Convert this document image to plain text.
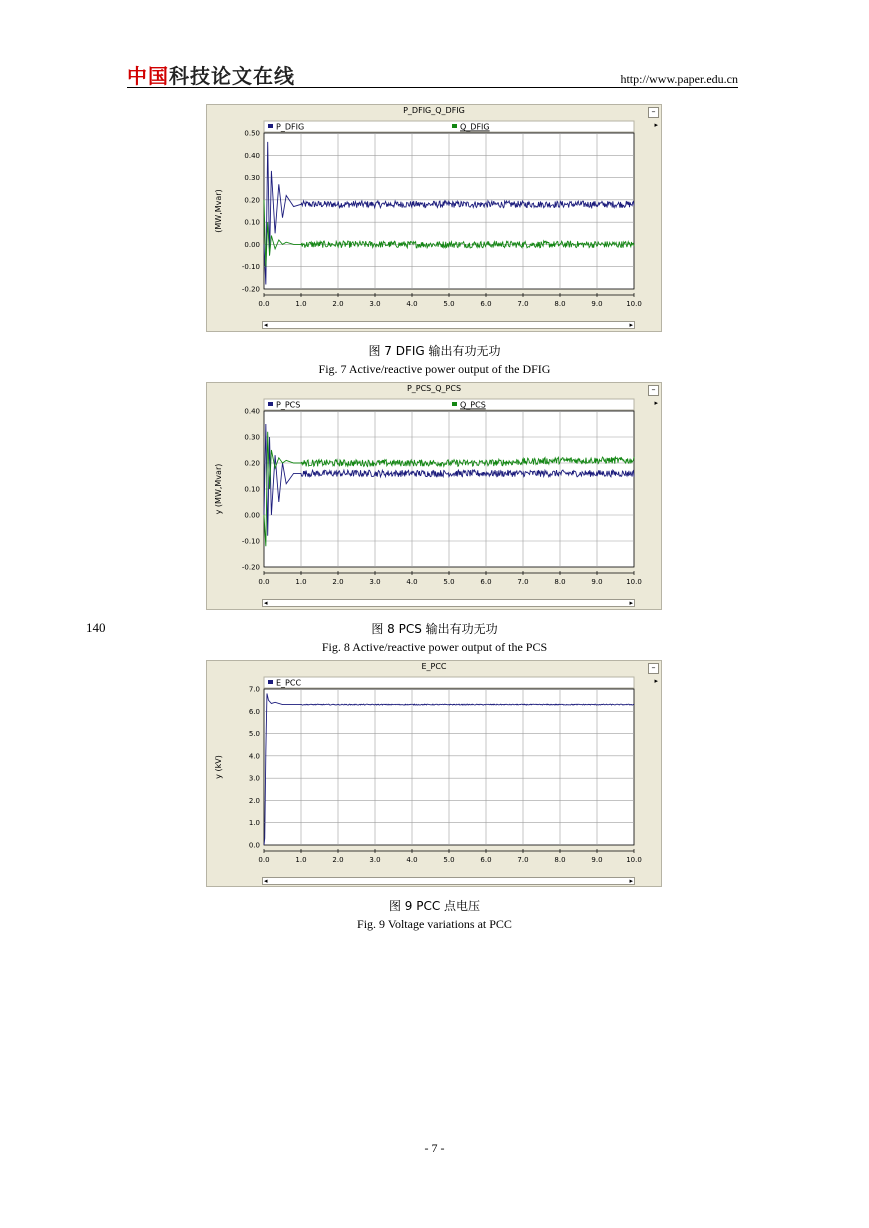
中国科技论文在线	http://www.paper.edu.cn
P_DFIG_Q_DFIG	–
▸
0.0	1.0	2.0	3.0	4.0	5.0	6.0	7.0	8.0	9.0	10.0
0.50
0.40
0.30
0.20
0.10
0.00
-0.10
-0.20
(MW,Mvar)
P_DFIG	Q_DFIG
◂	▸
图 7 DFIG 输出有功无功
Fig. 7 Active/reactive power output of the DFIG
P_PCS_Q_PCS	–
▸
0.0	1.0	2.0	3.0	4.0	5.0	6.0	7.0	8.0	9.0	10.0
0.40
0.30
0.20
0.10
0.00
-0.10
-0.20
y (MW,Mvar)
P_PCS	Q_PCS
◂	▸
140	图 8 PCS 输出有功无功
Fig. 8 Active/reactive power output of the PCS
E_PCC	–
▸
0.0	1.0	2.0	3.0	4.0	5.0	6.0	7.0	8.0	9.0	10.0
7.0
6.0
5.0
4.0
3.0
2.0
1.0
0.0
y (kV)
E_PCC
◂	▸
图 9 PCC 点电压
Fig. 9 Voltage variations at PCC
- 7 -
